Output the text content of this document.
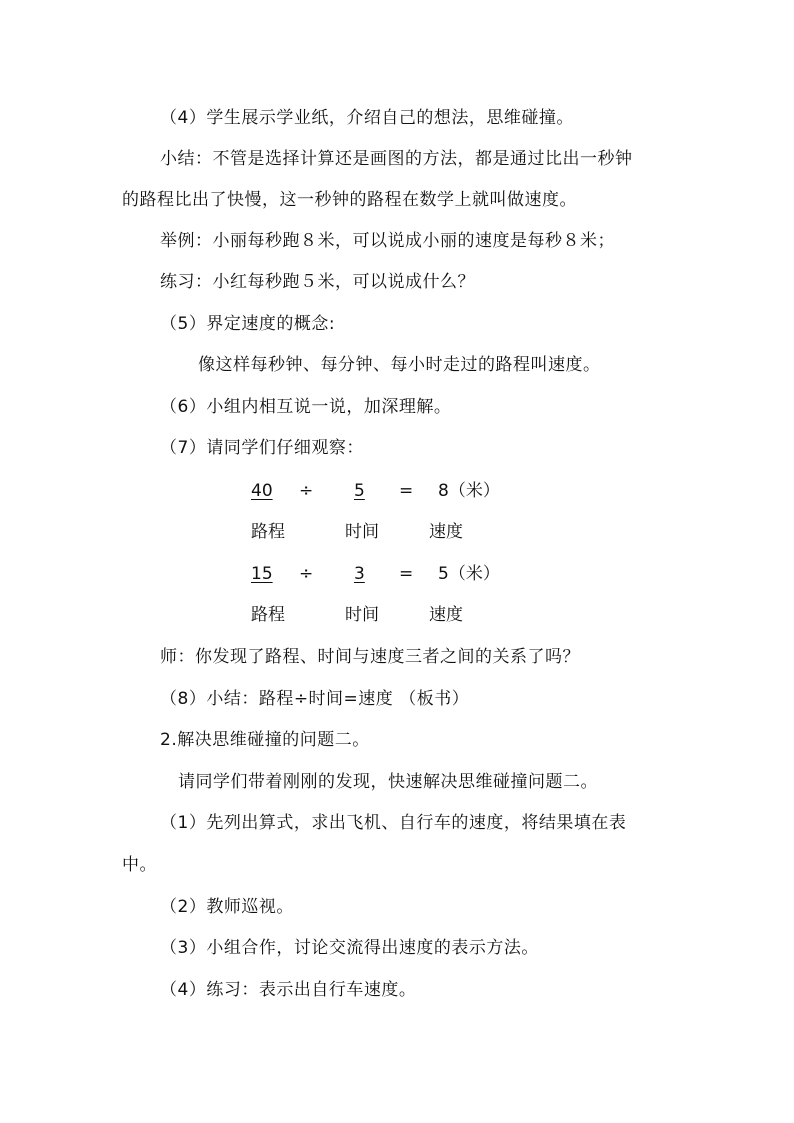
（4）学生展示学业纸，介绍自己的想法，思维碰撞。
小结：不管是选择计算还是画图的方法，都是通过比出一秒钟
的路程比出了快慢，这一秒钟的路程在数学上就叫做速度。
举例：小丽每秒跑８米，可以说成小丽的速度是每秒８米；
练习：小红每秒跑５米，可以说成什么？
（5）界定速度的概念:
像这样每秒钟、每分钟、每小时走过的路程叫速度。
（6）小组内相互说一说，加深理解。
（7）请同学们仔细观察：
40 ÷ 5 = 8（米）
路程	时间	速度
15 ÷ 3 = 5（米）
路程	时间	速度
师：你发现了路程、时间与速度三者之间的关系了吗？
（8）小结：路程÷时间=速度 （板书）
2.解决思维碰撞的问题二。
请同学们带着刚刚的发现，快速解决思维碰撞问题二。
（1）先列出算式，求出飞机、自行车的速度，将结果填在表
中。
（2）教师巡视。
（3）小组合作，讨论交流得出速度的表示方法。
（4）练习：表示出自行车速度。
